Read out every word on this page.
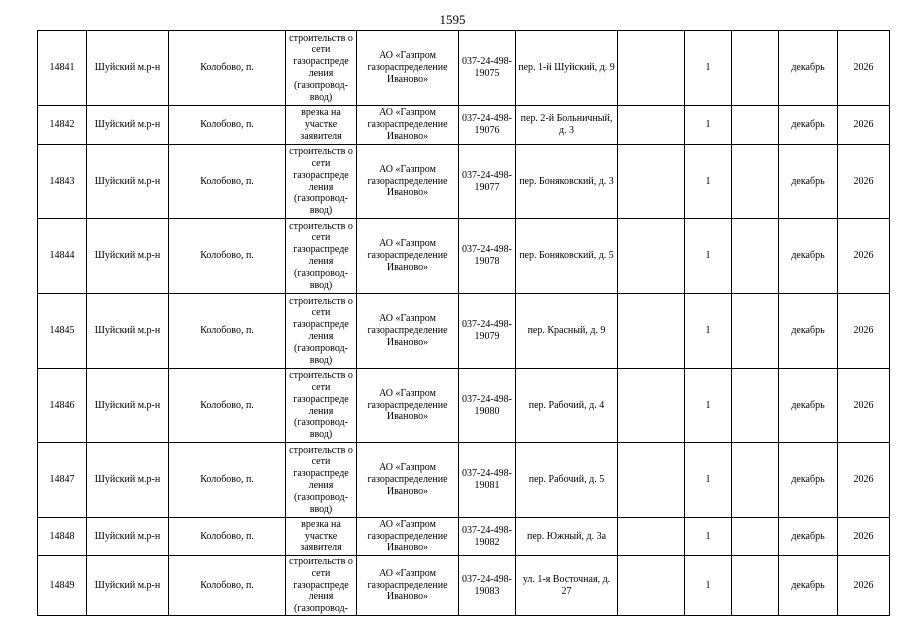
1595
14841	Шуйский м.р-н	Колобово, п.	строительств о сети газораспреде ления (газопровод-ввод)	АО «Газпром газораспределение Иваново»	037-24-498-19075	пер. 1-й Шуйский, д. 9		1		декабрь	2026
14842	Шуйский м.р-н	Колобово, п.	врезка на участке заявителя	АО «Газпром газораспределение Иваново»	037-24-498-19076	пер. 2-й Больничный, д. 3		1		декабрь	2026
14843	Шуйский м.р-н	Колобово, п.	строительств о сети газораспреде ления (газопровод-ввод)	АО «Газпром газораспределение Иваново»	037-24-498-19077	пер. Боняковский, д. 3		1		декабрь	2026
14844	Шуйский м.р-н	Колобово, п.	строительств о сети газораспреде ления (газопровод-ввод)	АО «Газпром газораспределение Иваново»	037-24-498-19078	пер. Боняковский, д. 5		1		декабрь	2026
14845	Шуйский м.р-н	Колобово, п.	строительств о сети газораспреде ления (газопровод-ввод)	АО «Газпром газораспределение Иваново»	037-24-498-19079	пер. Красный, д. 9		1		декабрь	2026
14846	Шуйский м.р-н	Колобово, п.	строительств о сети газораспреде ления (газопровод-ввод)	АО «Газпром газораспределение Иваново»	037-24-498-19080	пер. Рабочий, д. 4		1		декабрь	2026
14847	Шуйский м.р-н	Колобово, п.	строительств о сети газораспреде ления (газопровод-ввод)	АО «Газпром газораспределение Иваново»	037-24-498-19081	пер. Рабочий, д. 5		1		декабрь	2026
14848	Шуйский м.р-н	Колобово, п.	врезка на участке заявителя	АО «Газпром газораспределение Иваново»	037-24-498-19082	пер. Южный, д. 3а		1		декабрь	2026
14849	Шуйский м.р-н	Колобово, п.	строительств о сети газораспреде ления (газопровод-	АО «Газпром газораспределение Иваново»	037-24-498-19083	ул. 1-я Восточная, д. 27		1		декабрь	2026
